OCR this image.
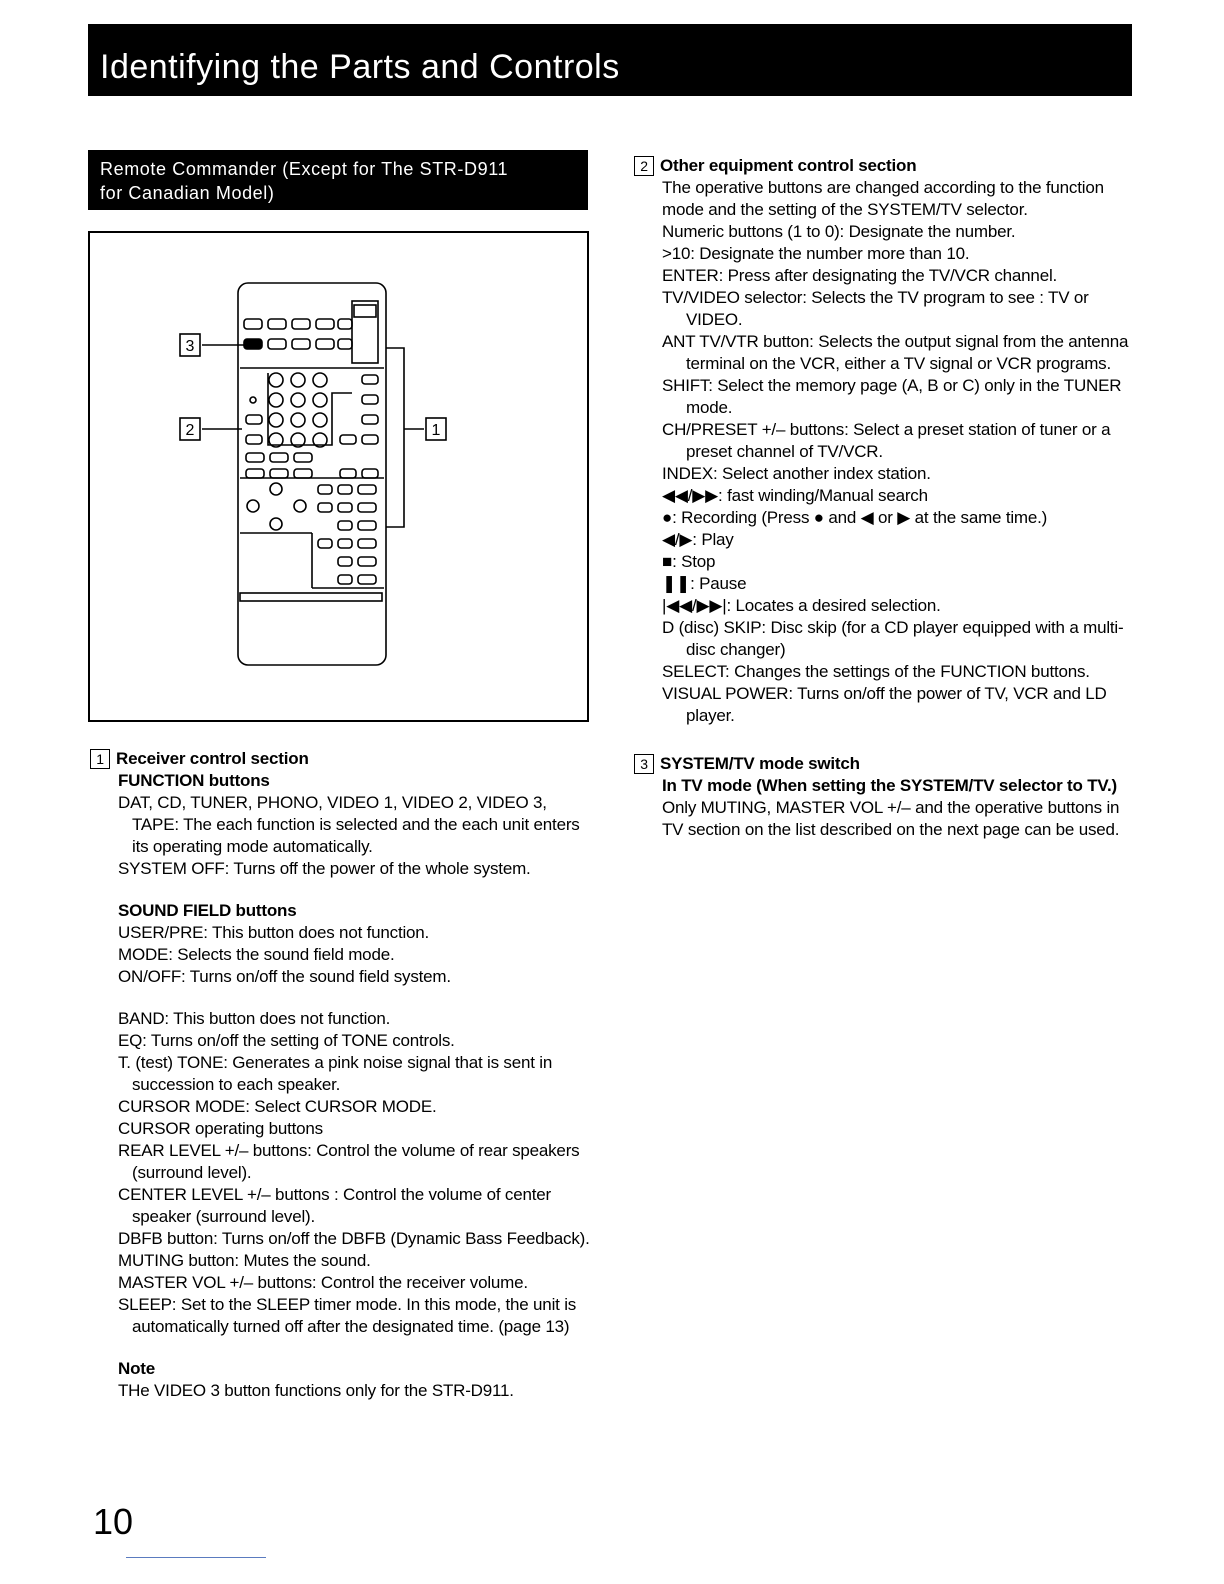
Identifying the Parts and Controls
Remote Commander (Except for The STR-D911
for Canadian Model)
3
2	1
1 Receiver control section

FUNCTION buttons

DAT, CD, TUNER, PHONO, VIDEO 1, VIDEO 2, VIDEO 3, TAPE: The each function is selected and the each unit enters its operating mode automatically.

SYSTEM OFF: Turns off the power of the whole system.

SOUND FIELD buttons

USER/PRE: This button does not function.

MODE: Selects the sound field mode.

ON/OFF: Turns on/off the sound field system.

BAND: This button does not function.

EQ: Turns on/off the setting of TONE controls.

T. (test) TONE: Generates a pink noise signal that is sent in succession to each speaker.

CURSOR MODE: Select CURSOR MODE.

CURSOR operating buttons

REAR LEVEL +/– buttons: Control the volume of rear speakers (surround level).

CENTER LEVEL +/– buttons : Control the volume of center speaker (surround level).

DBFB button: Turns on/off the DBFB (Dynamic Bass Feedback).

MUTING button: Mutes the sound.

MASTER VOL +/– buttons: Control the receiver volume.

SLEEP: Set to the SLEEP timer mode. In this mode, the unit is automatically turned off after the designated time. (page 13)

Note

THe VIDEO 3 button functions only for the STR-D911.

2 Other equipment control section

The operative buttons are changed according to the function mode and the setting of the SYSTEM/TV selector.

Numeric buttons (1 to 0): Designate the number.

>10: Designate the number more than 10.

ENTER: Press after designating the TV/VCR channel.

TV/VIDEO selector: Selects the TV program to see : TV or VIDEO.

ANT TV/VTR button: Selects the output signal from the antenna terminal on the VCR, either a TV signal or VCR programs.

SHIFT: Select the memory page (A, B or C) only in the TUNER mode.

CH/PRESET +/– buttons: Select a preset station of tuner or a preset channel of TV/VCR.

INDEX: Select another index station.

◀◀/▶▶: fast winding/Manual search

●: Recording (Press ● and ◀ or ▶ at the same time.)

◀/▶: Play

■: Stop

❚❚: Pause

|◀◀/▶▶|: Locates a desired selection.

D (disc) SKIP: Disc skip (for a CD player equipped with a multi-disc changer)

SELECT: Changes the settings of the FUNCTION buttons.

VISUAL POWER: Turns on/off the power of TV, VCR and LD player.

3 SYSTEM/TV mode switch

In TV mode (When setting the SYSTEM/TV selector to TV.)

Only MUTING, MASTER VOL +/– and the operative buttons in TV section on the list described on the next page can be used.

10
